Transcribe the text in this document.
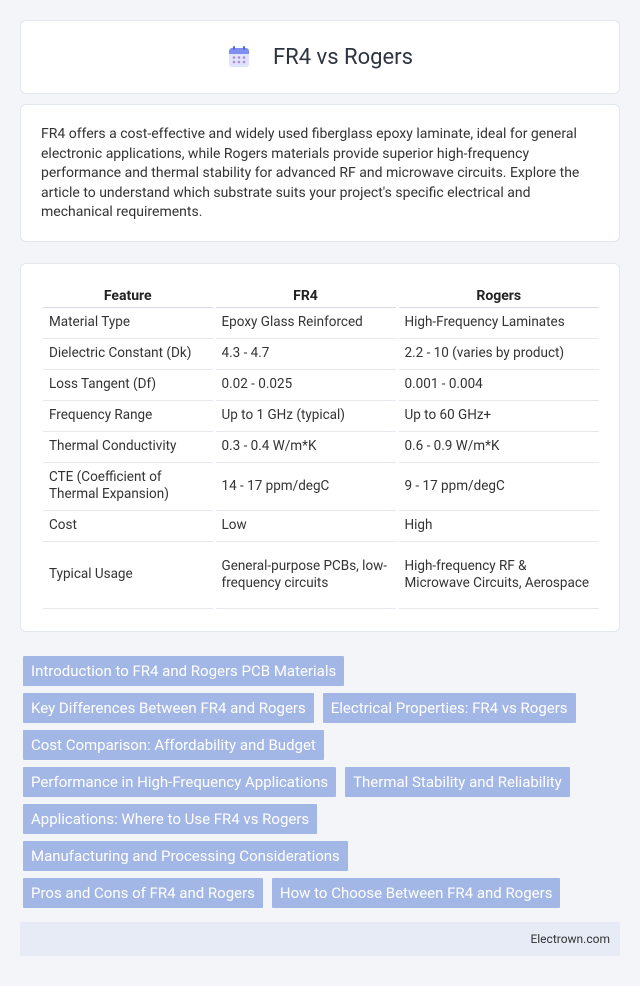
FR4 vs Rogers

FR4 offers a cost-effective and widely used fiberglass epoxy laminate, ideal for general electronic applications, while Rogers materials provide superior high-frequency performance and thermal stability for advanced RF and microwave circuits. Explore the article to understand which substrate suits your project's specific electrical and mechanical requirements.

Feature	FR4	Rogers
Material Type	Epoxy Glass Reinforced	High-Frequency Laminates
Dielectric Constant (Dk)	4.3 - 4.7	2.2 - 10 (varies by product)
Loss Tangent (Df)	0.02 - 0.025	0.001 - 0.004
Frequency Range	Up to 1 GHz (typical)	Up to 60 GHz+
Thermal Conductivity	0.3 - 0.4 W/m*K	0.6 - 0.9 W/m*K
CTE (Coefficient of Thermal Expansion)	14 - 17 ppm/degC	9 - 17 ppm/degC
Cost	Low	High
Typical Usage	General-purpose PCBs, low-frequency circuits	High-frequency RF & Microwave Circuits, Aerospace
Introduction to FR4 and Rogers PCB Materials
Key Differences Between FR4 and Rogers	Electrical Properties: FR4 vs Rogers
Cost Comparison: Affordability and Budget
Performance in High-Frequency Applications	Thermal Stability and Reliability
Applications: Where to Use FR4 vs Rogers
Manufacturing and Processing Considerations
Pros and Cons of FR4 and Rogers	How to Choose Between FR4 and Rogers
Electrown.com
